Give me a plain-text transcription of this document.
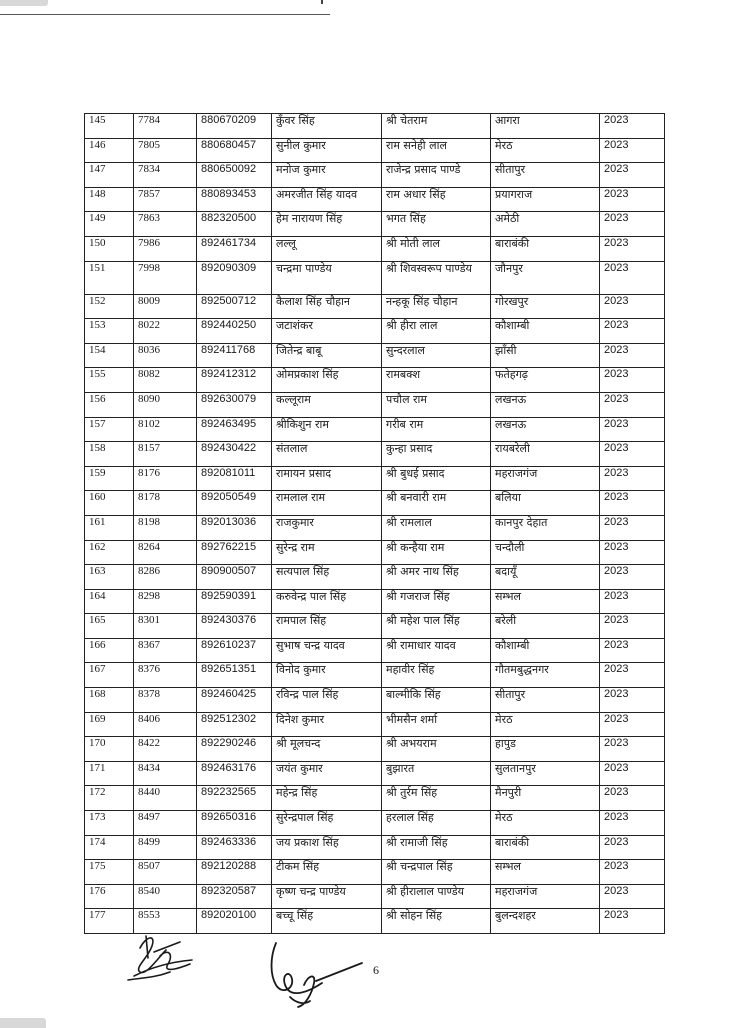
145	7784	880670209	कुँवर सिंह	श्री चेतराम	आगरा	2023
146	7805	880680457	सुनील कुमार	राम सनेही लाल	मेरठ	2023
147	7834	880650092	मनोज कुमार	राजेन्द्र प्रसाद पाण्डे	सीतापुर	2023
148	7857	880893453	अमरजीत सिंह यादव	राम अधार सिंह	प्रयागराज	2023
149	7863	882320500	हेम नारायण सिंह	भगत सिंह	अमेठी	2023
150	7986	892461734	लल्लू	श्री मोती लाल	बाराबंकी	2023
151	7998	892090309	चन्द्रमा पाण्डेय	श्री शिवस्वरूप पाण्डेय	जौनपुर	2023
152	8009	892500712	कैलाश सिंह चौहान	नन्हकू सिंह चौहान	गोरखपुर	2023
153	8022	892440250	जटाशंकर	श्री हीरा लाल	कौशाम्बी	2023
154	8036	892411768	जितेन्द्र बाबू	सुन्दरलाल	झाँसी	2023
155	8082	892412312	ओमप्रकाश सिंह	रामबक्श	फतेहगढ़	2023
156	8090	892630079	कल्लूराम	पचौल राम	लखनऊ	2023
157	8102	892463495	श्रीकिशुन राम	गरीब राम	लखनऊ	2023
158	8157	892430422	संतलाल	कुन्हा प्रसाद	रायबरेली	2023
159	8176	892081011	रामायन प्रसाद	श्री बुधई प्रसाद	महराजगंज	2023
160	8178	892050549	रामलाल राम	श्री बनवारी राम	बलिया	2023
161	8198	892013036	राजकुमार	श्री रामलाल	कानपुर देहात	2023
162	8264	892762215	सुरेन्द्र राम	श्री कन्हैया राम	चन्दौली	2023
163	8286	890900507	सत्यपाल सिंह	श्री अमर नाथ सिंह	बदायूँ	2023
164	8298	892590391	करुवेन्द्र पाल सिंह	श्री गजराज सिंह	सम्भल	2023
165	8301	892430376	रामपाल सिंह	श्री महेश पाल सिंह	बरेली	2023
166	8367	892610237	सुभाष चन्द्र यादव	श्री रामाधार यादव	कौशाम्बी	2023
167	8376	892651351	विनोद कुमार	महावीर सिंह	गौतमबुद्धनगर	2023
168	8378	892460425	रविन्द्र पाल सिंह	बाल्मीकि सिंह	सीतापुर	2023
169	8406	892512302	दिनेश कुमार	भीमसैन शर्मा	मेरठ	2023
170	8422	892290246	श्री मूलचन्द	श्री अभयराम	हापुड	2023
171	8434	892463176	जयंत कुमार	बुझारत	सुलतानपुर	2023
172	8440	892232565	महेन्द्र सिंह	श्री तुर्रम सिंह	मैनपुरी	2023
173	8497	892650316	सुरेन्द्रपाल सिंह	हरलाल सिंह	मेरठ	2023
174	8499	892463336	जय प्रकाश सिंह	श्री रामाजी सिंह	बाराबंकी	2023
175	8507	892120288	टीकम सिंह	श्री चन्द्रपाल सिंह	सम्भल	2023
176	8540	892320587	कृष्ण चन्द्र पाण्डेय	श्री हीरालाल पाण्डेय	महराजगंज	2023
177	8553	892020100	बच्चू सिंह	श्री सोहन सिंह	बुलन्दशहर	2023
6
